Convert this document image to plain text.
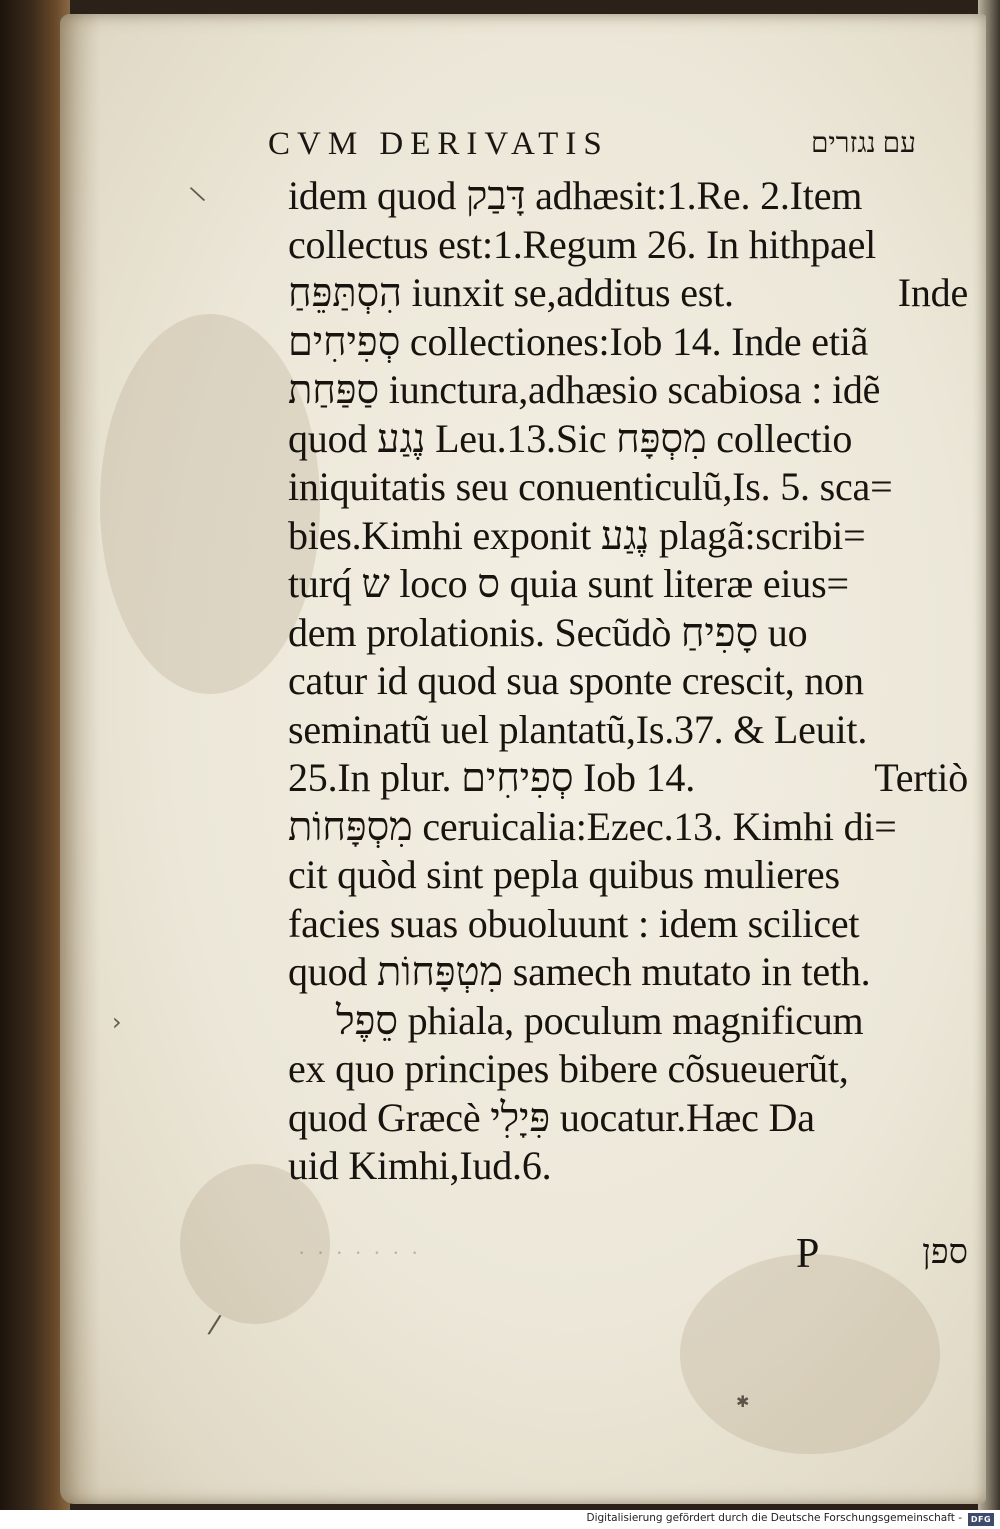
\
›
/
✱
CVM DERIVATIS	עם נגזרים
idem quod דָּבַק adhæsit:1.Re. 2.Item
collectus est:1.Regum 26. In hithpael
הִסְתַּפֵּחַ iunxit se,additus est.	Inde
סְפִיחִים collectiones:Iob 14. Inde etiã
סַפַּחַת iunctura,adhæsio scabiosa : idẽ
quod נֶגַע Leu.13.Sic מִסְפָּח collectio
iniquitatis seu conuenticulũ,Is. 5. sca=
bies.Kimhi exponit נֶגַע plagã:scribi=
turq́ ש loco ס quia sunt literæ eius=
dem prolationis. Secũdò סָפִיחַ uo
catur id quod sua sponte crescit, non
seminatũ uel plantatũ,Is.37. & Leuit.
25.In plur. סְפִיחִים Iob 14.	Tertiò
מִסְפָּחוֹת ceruicalia:Ezec.13. Kimhi di=
cit quòd sint pepla quibus mulieres
facies suas obuoluunt : idem scilicet
quod מִטְפָּחוֹת samech mutato in teth.
סֵפֶל phiala, poculum magnificum
ex quo principes bibere cõsueuerũt,
quod Græcè פִּיָלִי uocatur.Hæc Da
uid Kimhi,Iud.6.
· · · · · · ·	P	ספן
Digitalisierung gefördert durch die Deutsche Forschungsgemeinschaft -	DFG
